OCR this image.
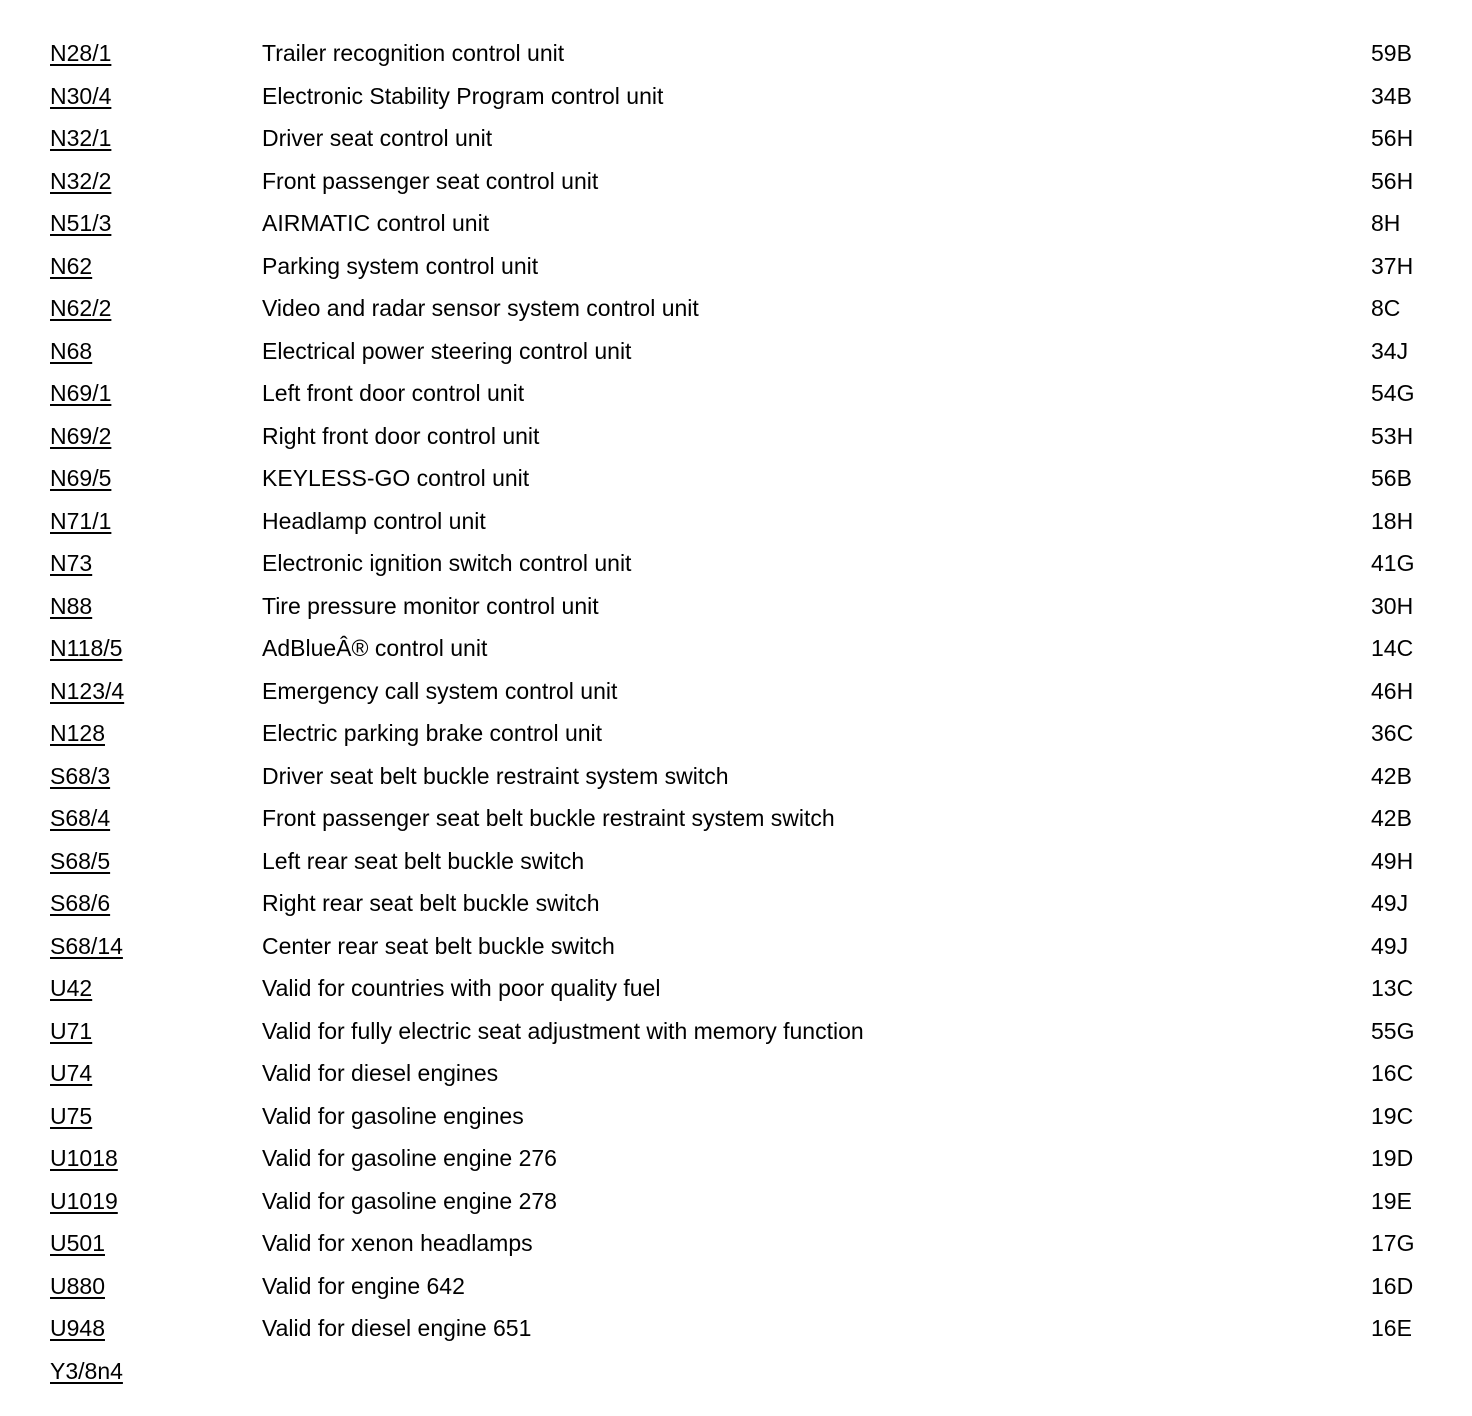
N28/1	Trailer recognition control unit	59B
N30/4	Electronic Stability Program control unit	34B
N32/1	Driver seat control unit	56H
N32/2	Front passenger seat control unit	56H
N51/3	AIRMATIC control unit	8H
N62	Parking system control unit	37H
N62/2	Video and radar sensor system control unit	8C
N68	Electrical power steering control unit	34J
N69/1	Left front door control unit	54G
N69/2	Right front door control unit	53H
N69/5	KEYLESS-GO control unit	56B
N71/1	Headlamp control unit	18H
N73	Electronic ignition switch control unit	41G
N88	Tire pressure monitor control unit	30H
N118/5	AdBlueÂ® control unit	14C
N123/4	Emergency call system control unit	46H
N128	Electric parking brake control unit	36C
S68/3	Driver seat belt buckle restraint system switch	42B
S68/4	Front passenger seat belt buckle restraint system switch	42B
S68/5	Left rear seat belt buckle switch	49H
S68/6	Right rear seat belt buckle switch	49J
S68/14	Center rear seat belt buckle switch	49J
U42	Valid for countries with poor quality fuel	13C
U71	Valid for fully electric seat adjustment with memory function	55G
U74	Valid for diesel engines	16C
U75	Valid for gasoline engines	19C
U1018	Valid for gasoline engine 276	19D
U1019	Valid for gasoline engine 278	19E
U501	Valid for xenon headlamps	17G
U880	Valid for engine 642	16D
U948	Valid for diesel engine 651	16E
Y3/8n4
